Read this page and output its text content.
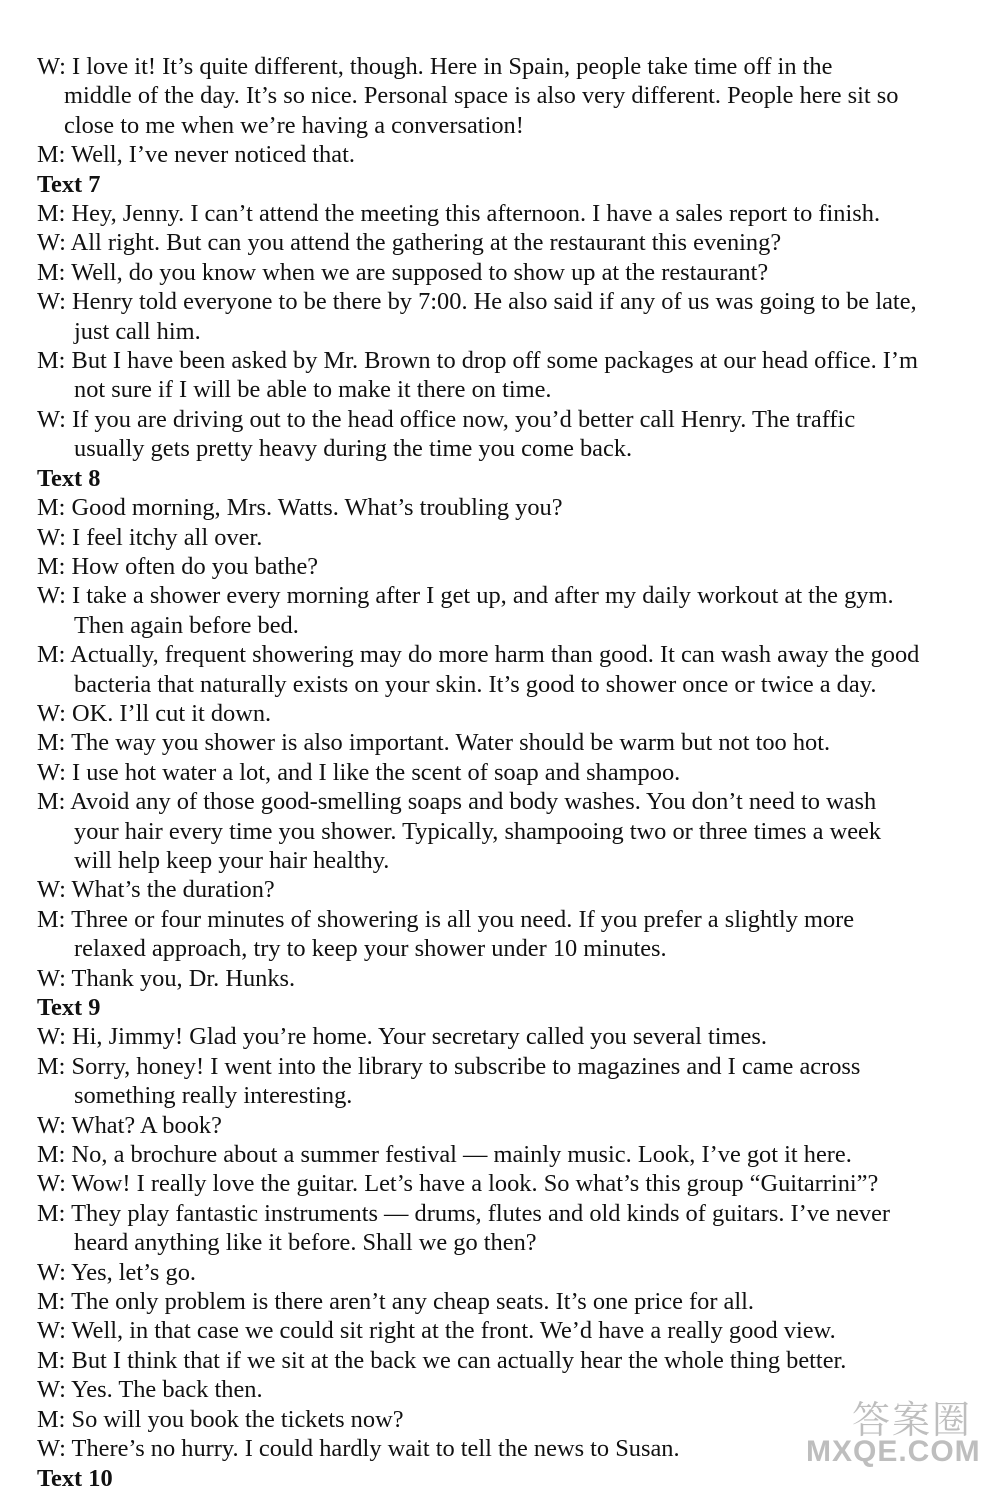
W: I love it! It’s quite different, though. Here in Spain, people take time off in the
middle of the day. It’s so nice. Personal space is also very different. People here sit so
close to me when we’re having a conversation!
M: Well, I’ve never noticed that.
Text 7
M: Hey, Jenny. I can’t attend the meeting this afternoon. I have a sales report to finish.
W: All right. But can you attend the gathering at the restaurant this evening?
M: Well, do you know when we are supposed to show up at the restaurant?
W: Henry told everyone to be there by 7:00. He also said if any of us was going to be late,
just call him.
M: But I have been asked by Mr. Brown to drop off some packages at our head office. I’m
not sure if I will be able to make it there on time.
W: If you are driving out to the head office now, you’d better call Henry. The traffic
usually gets pretty heavy during the time you come back.
Text 8
M: Good morning, Mrs. Watts. What’s troubling you?
W: I feel itchy all over.
M: How often do you bathe?
W: I take a shower every morning after I get up, and after my daily workout at the gym.
Then again before bed.
M: Actually, frequent showering may do more harm than good. It can wash away the good
bacteria that naturally exists on your skin. It’s good to shower once or twice a day.
W: OK. I’ll cut it down.
M: The way you shower is also important. Water should be warm but not too hot.
W: I use hot water a lot, and I like the scent of soap and shampoo.
M: Avoid any of those good-smelling soaps and body washes. You don’t need to wash
your hair every time you shower. Typically, shampooing two or three times a week
will help keep your hair healthy.
W: What’s the duration?
M: Three or four minutes of showering is all you need. If you prefer a slightly more
relaxed approach, try to keep your shower under 10 minutes.
W: Thank you, Dr. Hunks.
Text 9
W: Hi, Jimmy! Glad you’re home. Your secretary called you several times.
M: Sorry, honey! I went into the library to subscribe to magazines and I came across
something really interesting.
W: What? A book?
M: No, a brochure about a summer festival — mainly music. Look, I’ve got it here.
W: Wow! I really love the guitar. Let’s have a look. So what’s this group “Guitarrini”?
M: They play fantastic instruments — drums, flutes and old kinds of guitars. I’ve never
heard anything like it before. Shall we go then?
W: Yes, let’s go.
M: The only problem is there aren’t any cheap seats. It’s one price for all.
W: Well, in that case we could sit right at the front. We’d have a really good view.
M: But I think that if we sit at the back we can actually hear the whole thing better.
W: Yes. The back then.
M: So will you book the tickets now?
W: There’s no hurry. I could hardly wait to tell the news to Susan.
Text 10
答案圈
MXQE.COM
